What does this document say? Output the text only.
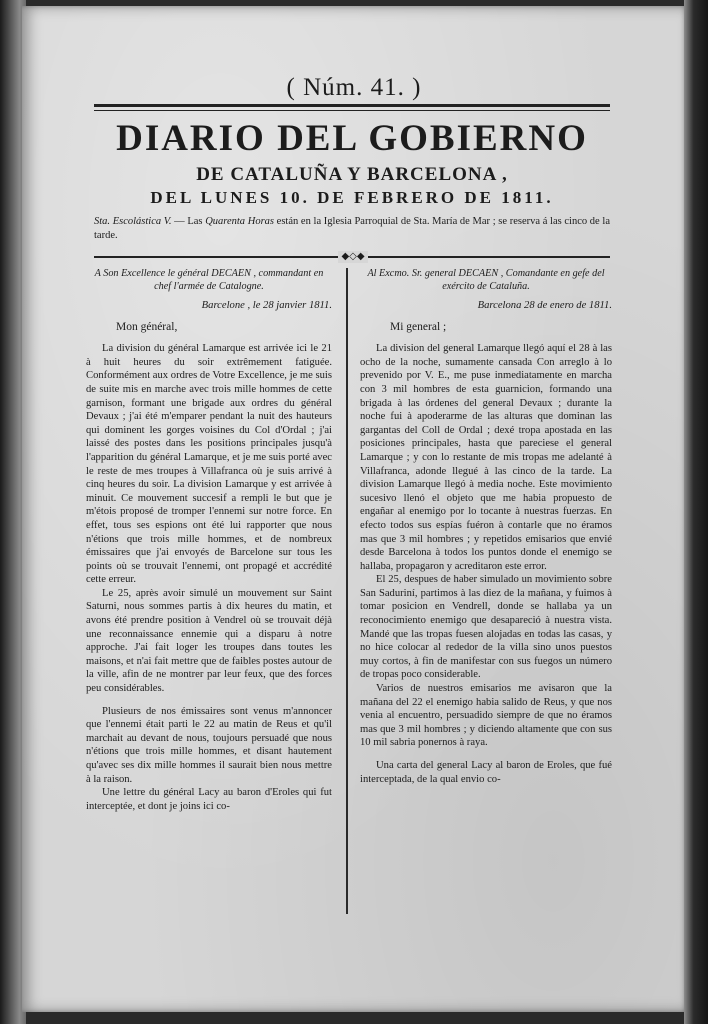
( Núm. 41. )
DIARIO DEL GOBIERNO
DE CATALUÑA Y BARCELONA ,
DEL LUNES 10. DE FEBRERO DE 1811.
Sta. Escolástica V. — Las Quarenta Horas están en la Iglesia Parroquial de Sta. María de Mar ; se reserva á las cinco de la tarde.
◆◇◆

A Son Excellence le général DECAEN , commandant en chef l'armée de Catalogne.

Barcelone , le 28 janvier 1811.

Mon général,

La division du général Lamarque est arrivée ici le 21 à huit heures du soir extrêmement fatiguée. Conformément aux ordres de Votre Excellence, je me suis de suite mis en marche avec trois mille hommes de cette garnison, formant une brigade aux ordres du général Devaux ; j'ai été m'emparer pendant la nuit des hauteurs qui dominent les gorges voisines du Col d'Ordal ; j'ai laissé des postes dans les positions principales jusqu'à l'apparition du général Lamarque, et je me suis porté avec le reste de mes troupes à Villafranca où je suis arrivé à cinq heures du soir. La division Lamarque y est arrivée à minuit. Ce mouvement succesif a rempli le but que je m'étois proposé de tromper l'ennemi sur notre force. En effet, tous ses espions ont été lui rapporter que nous n'étions que trois mille hommes, et de nombreux émissaires que j'ai envoyés de Barcelone sur tous les points où se trouvait l'ennemi, ont propagé et accrédité cette erreur.

Le 25, après avoir simulé un mouvement sur Saint Saturni, nous sommes partis à dix heures du matin, et avons été prendre position à Vendrel où se trouvait déjà une reconnaissance ennemie qui a disparu à notre approche. J'ai fait loger les troupes dans toutes les maisons, et n'ai fait mettre que de faibles postes autour de la ville, afin de ne montrer par leur feux, que des forces peu considérables.

Plusieurs de nos émissaires sont venus m'annoncer que l'ennemi était parti le 22 au matin de Reus et qu'il marchait au devant de nous, toujours persuadé que nous n'étions que trois mille hommes, et disant hautement qu'avec ses dix mille hommes il saurait bien nous mettre à la raison.

Une lettre du général Lacy au baron d'Eroles qui fut interceptée, et dont je joins ici co-

Al Excmo. Sr. general DECAEN , Comandante en gefe del exército de Cataluña.

Barcelona 28 de enero de 1811.

Mi general ;

La division del general Lamarque llegó aquí el 28 à las ocho de la noche, sumamente cansada Con arreglo à lo prevenido por V. E., me puse inmediatamente en marcha con 3 mil hombres de esta guarnicion, formando una brigada à las órdenes del general Devaux ; durante la noche fui à apoderarme de las alturas que dominan las gargantas del Coll de Ordal ; dexé tropa apostada en las posiciones principales, hasta que pareciese el general Lamarque ; y con lo restante de mis tropas me adelanté à Villafranca, adonde llegué à las cinco de la tarde. La division Lamarque llegó à media noche. Este movimiento sucesivo llenó el objeto que me habia propuesto de engañar al enemigo por lo tocante à nuestras fuerzas. En efecto todos sus espías fuéron à contarle que no éramos mas que 3 mil hombres ; y repetidos emisarios que envié desde Barcelona à todos los puntos donde el enemigo se hallaba, propagaron y acreditaron este error.

El 25, despues de haber simulado un movimiento sobre San Saduriní, partimos à las diez de la mañana, y fuimos à tomar posicion en Vendrell, donde se hallaba ya un reconocimiento enemigo que desapareció à nuestra vista. Mandé que las tropas fuesen alojadas en todas las casas, y no hice colocar al rededor de la villa sino unos puestos muy cortos, à fin de manifestar con sus fuegos un número de tropas poco considerable.

Varios de nuestros emisarios me avisaron que la mañana del 22 el enemigo habia salido de Reus, y que nos venia al encuentro, persuadido siempre de que no éramos mas que 3 mil hombres ; y diciendo altamente que con sus 10 mil sabria ponernos à raya.

Una carta del general Lacy al baron de Eroles, que fué interceptada, de la qual envio co-
